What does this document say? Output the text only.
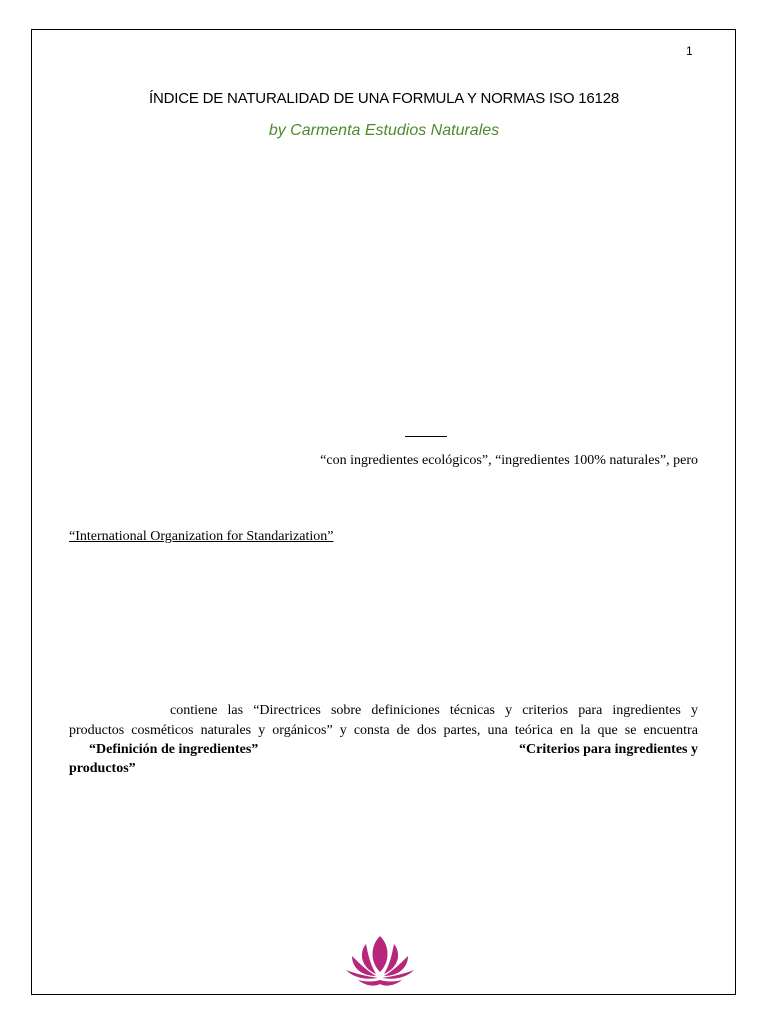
1
ÍNDICE DE NATURALIDAD DE UNA FORMULA Y NORMAS ISO 16128
by Carmenta Estudios Naturales
“con ingredientes ecológicos”, “ingredientes 100% naturales”, pero
“International Organization for Standarization”
contiene las “Directrices sobre definiciones técnicas y criterios para ingredientes y
productos cosméticos naturales y orgánicos” y consta de dos partes, una teórica en la que se encuentra
“Definición de ingredientes”	“Criterios para ingredientes y
productos”
